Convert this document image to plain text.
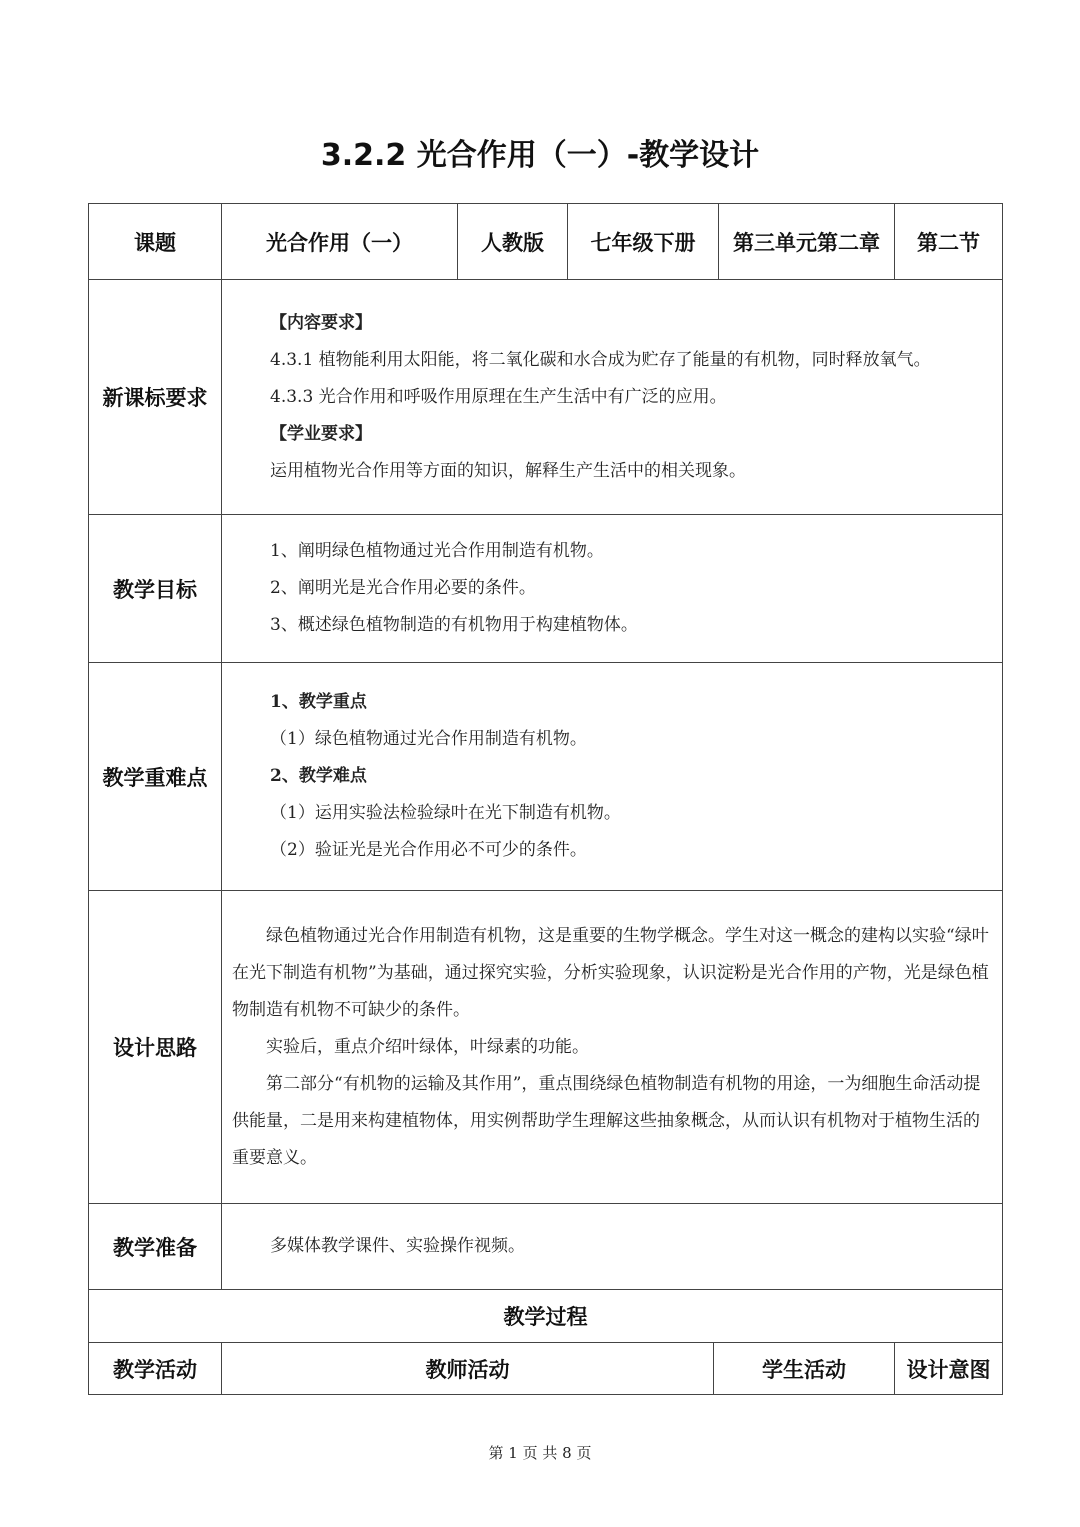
3.2.2 光合作用（一）-教学设计
课题	光合作用（一）	人教版	七年级下册		第三单元第二章	第二节
新课标要求	【内容要求】
4.3.1 植物能利用太阳能，将二氧化碳和水合成为贮存了能量的有机物，同时释放氧气。
4.3.3 光合作用和呼吸作用原理在生产生活中有广泛的应用。
【学业要求】
运用植物光合作用等方面的知识，解释生产生活中的相关现象。					

教学目标	1、阐明绿色植物通过光合作用制造有机物。
2、阐明光是光合作用必要的条件。
3、概述绿色植物制造的有机物用于构建植物体。					

教学重难点	1、教学重点
（1）绿色植物通过光合作用制造有机物。
2、教学难点
（1）运用实验法检验绿叶在光下制造有机物。
（2）验证光是光合作用必不可少的条件。					

设计思路	绿色植物通过光合作用制造有机物，这是重要的生物学概念。学生对这一概念的建构以实验“绿叶在光下制造有机物”为基础，通过探究实验，分析实验现象，认识淀粉是光合作用的产物，光是绿色植物制造有机物不可缺少的条件。

实验后，重点介绍叶绿体，叶绿素的功能。

第二部分“有机物的运输及其作用”，重点围绕绿色植物制造有机物的用途，一为细胞生命活动提供能量，二是用来构建植物体，用实例帮助学生理解这些抽象概念，从而认识有机物对于植物生活的重要意义。					

教学准备	多媒体教学课件、实验操作视频。					

教学过程						
教学活动	教师活动			学生活动		设计意图
第 1 页 共 8 页
